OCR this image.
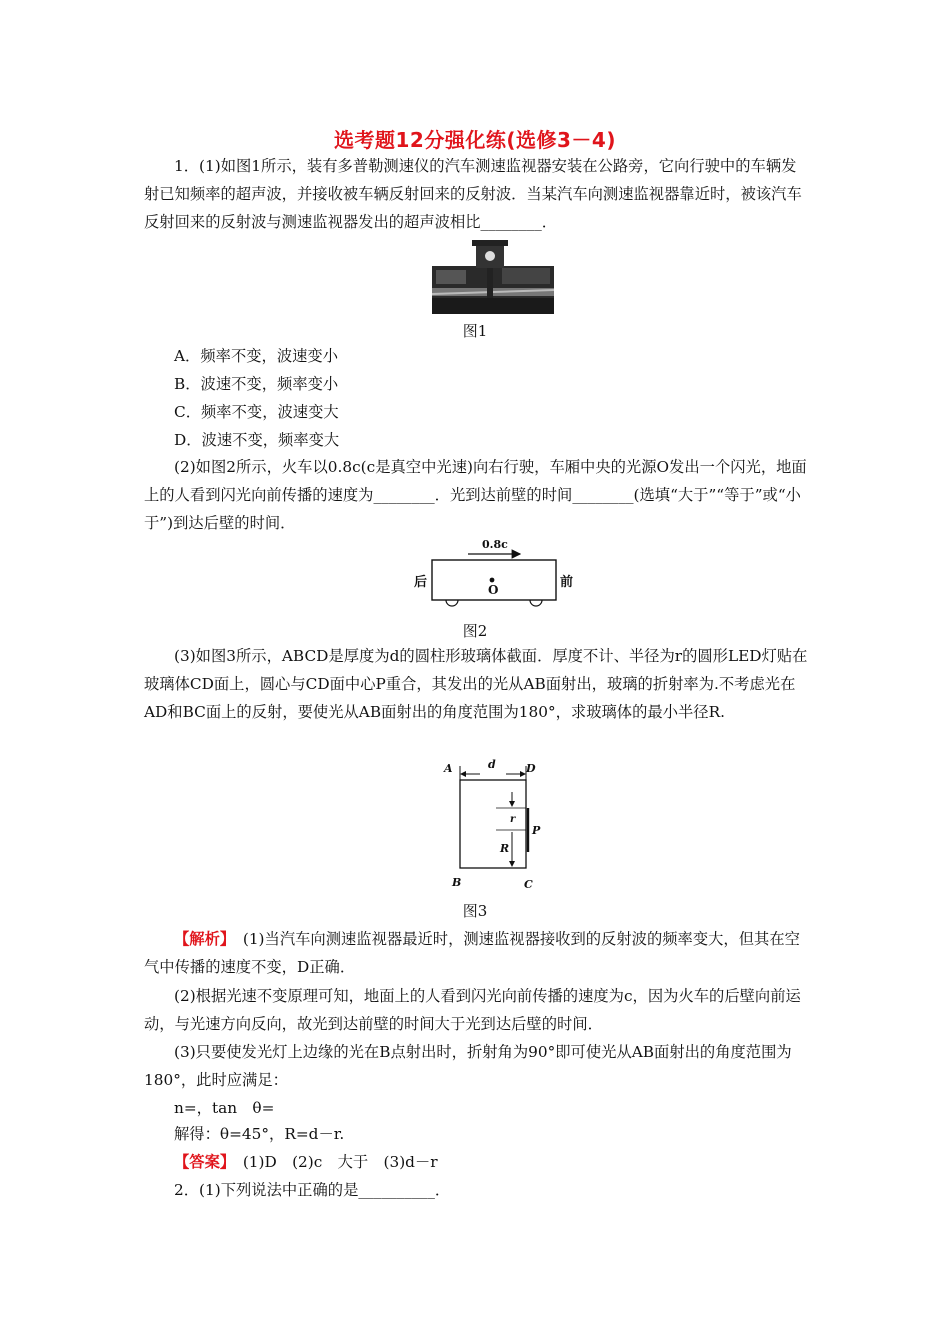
选考题12分强化练(选修3－4)
1．(1)如图1所示，装有多普勒测速仪的汽车测速监视器安装在公路旁，它向行驶中的车辆发射已知频率的超声波，并接收被车辆反射回来的反射波．当某汽车向测速监视器靠近时，被该汽车反射回来的反射波与测速监视器发出的超声波相比________．
图1
A．频率不变，波速变小
B．波速不变，频率变小
C．频率不变，波速变大
D．波速不变，频率变大
(2)如图2所示，火车以0.8c(c是真空中光速)向右行驶，车厢中央的光源O发出一个闪光，地面上的人看到闪光向前传播的速度为________．光到达前壁的时间________(选填“大于”“等于”或“小于”)到达后壁的时间．
0.8c
后	前
O
图2
(3)如图3所示，ABCD是厚度为d的圆柱形玻璃体截面．厚度不计、半径为r的圆形LED灯贴在玻璃体CD面上，圆心与CD面中心P重合，其发出的光从AB面射出，玻璃的折射率为.不考虑光在AD和BC面上的反射，要使光从AB面射出的角度范围为180°，求玻璃体的最小半径R.
A	d	D
r
P
R
B	C
图3
【解析】　 (1)当汽车向测速监视器最近时，测速监视器接收到的反射波的频率变大，但其在空气中传播的速度不变，D正确．
(2)根据光速不变原理可知，地面上的人看到闪光向前传播的速度为c，因为火车的后壁向前运动，与光速方向反向，故光到达前壁的时间大于光到达后壁的时间．
(3)只要使发光灯上边缘的光在B点射出时，折射角为90°即可使光从AB面射出的角度范围为180°，此时应满足：
n=，tan　θ=
解得：θ=45°，R=d－r.
【答案】　(1)D　(2)c　大于　(3)d－r
2．(1)下列说法中正确的是__________．
